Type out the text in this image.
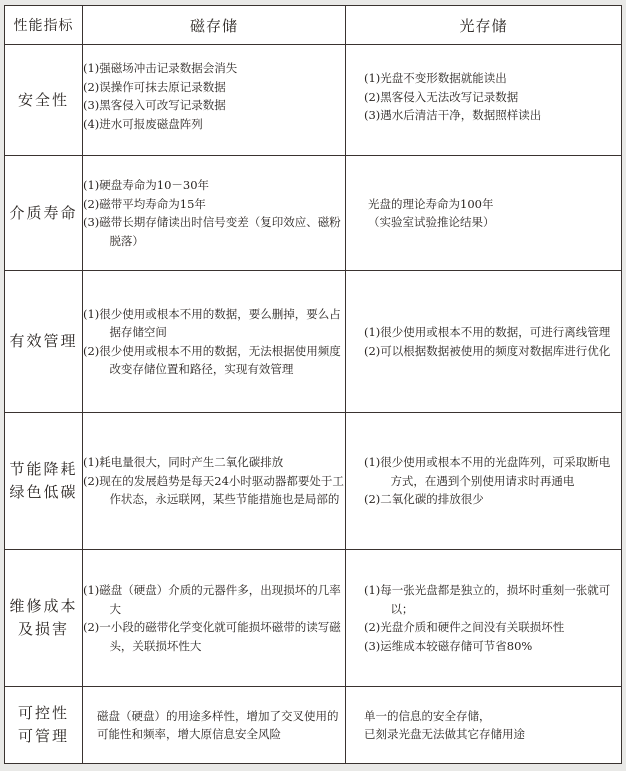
性能指标	磁存储	光存储

安全性	(1)强磁场冲击记录数据会消失
(2)误操作可抹去原记录数据
(3)黑客侵入可改写记录数据
(4)进水可报废磁盘阵列	(1)光盘不变形数据就能读出
(2)黑客侵入无法改写记录数据
(3)遇水后清洁干净，数据照样读出

介质寿命	(1)硬盘寿命为10－30年
(2)磁带平均寿命为15年
(3)磁带长期存储读出时信号变差（复印效应、磁粉脱落）	光盘的理论寿命为100年
（实验室试验推论结果）

有效管理	(1)很少使用或根本不用的数据，要么删掉，要么占据存储空间
(2)很少使用或根本不用的数据，无法根据使用频度改变存储位置和路径，实现有效管理	(1)很少使用或根本不用的数据，可进行离线管理
(2)可以根据数据被使用的频度对数据库进行优化

节能降耗
绿色低碳	(1)耗电量很大，同时产生二氧化碳排放
(2)现在的发展趋势是每天24小时驱动器都要处于工作状态，永远联网，某些节能措施也是局部的	(1)很少使用或根本不用的光盘阵列，可采取断电方式，在遇到个别使用请求时再通电
(2)二氧化碳的排放很少

维修成本
及损害	(1)磁盘（硬盘）介质的元器件多，出现损坏的几率大
(2)一小段的磁带化学变化就可能损坏磁带的读写磁头，关联损坏性大	(1)每一张光盘都是独立的，损坏时重刻一张就可以；
(2)光盘介质和硬件之间没有关联损坏性
(3)运维成本较磁存储可节省80%

可控性
可管理	磁盘（硬盘）的用途多样性，增加了交叉使用的可能性和频率，增大原信息安全风险	单一的信息的安全存储，
已刻录光盘无法做其它存储用途
